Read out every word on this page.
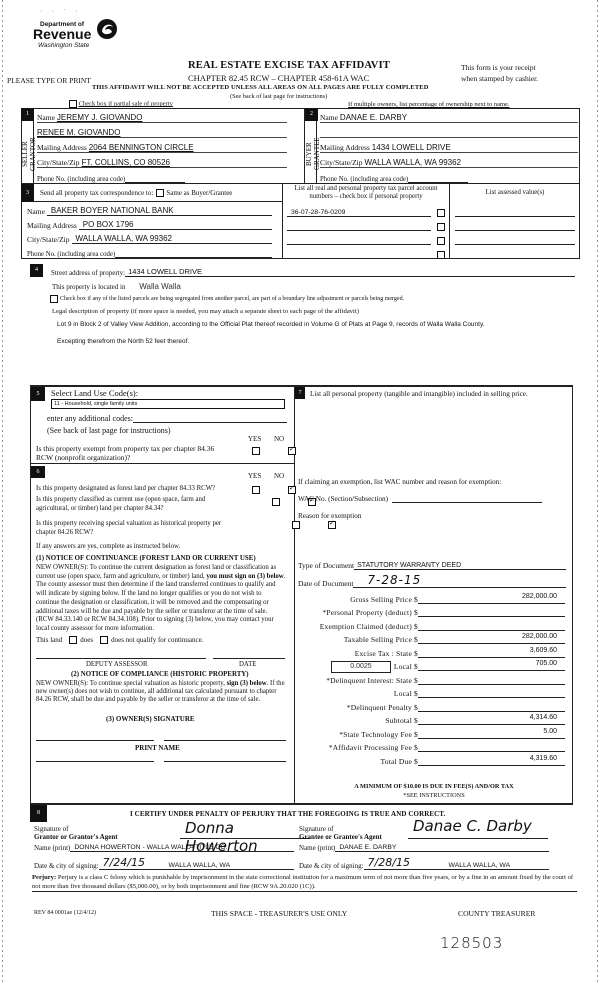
· · ˙ ·
Department of
Revenue
Washington State
PLEASE TYPE OR PRINT
REAL ESTATE EXCISE TAX AFFIDAVIT
CHAPTER 82.45 RCW – CHAPTER 458-61A WAC
This form is your receipt
when stamped by cashier.
THIS AFFIDAVIT WILL NOT BE ACCEPTED UNLESS ALL AREAS ON ALL PAGES ARE FULLY COMPLETED
(See back of last page for instructions)
Check box if partial sale of property	If multiple owners, list percentage of ownership next to name.
1
SELLER
GRANTOR
Name
JEREMY J. GIOVANDO
RENEE M. GIOVANDO
Mailing Address
2064 BENNINGTON CIRCLE
City/State/Zip
FT. COLLINS, CO 80526
Phone No. (including area code)
2
BUYER
GRANTEE
Name
DANAE E. DARBY
Mailing Address
1434 LOWELL DRIVE
City/State/Zip
WALLA WALLA, WA 99362
Phone No. (including area code)
3	Send all property tax correspondence to: Same as Buyer/Grantee
Name
BAKER BOYER NATIONAL BANK
Mailing Address
PO BOX 1796
City/State/Zip
WALLA WALLA, WA 99362
Phone No. (including area code)
List all real and personal property tax parcel account numbers – check box if personal property
36-07-28-76-0209
List assessed value(s)
4	Street address of property: 1434 LOWELL DRIVE
This property is located in Walla Walla
Check box if any of the listed parcels are being segregated from another parcel, are part of a boundary line adjustment or parcels being merged.
Legal description of property (if more space is needed, you may attach a separate sheet to each page of the affidavit)
Lot 9 in Block 2 of Valley View Addition, according to the Official Plat thereof recorded in Volume G of Plats at Page 9, records of Walla Walla County.
Excepting therefrom the North 52 feet thereof.
5	Select Land Use Code(s):
11 - Household, single family units
enter any additional codes:
(See back of last page for instructions)
YES NO
Is this property exempt from property tax per chapter 84.36 RCW (nonprofit organization)?
✓
6	YES NO
Is this property designated as forest land per chapter 84.33 RCW?
✓
Is this property classified as current use (open space, farm and agricultural, or timber) land per chapter 84.34?
✓
Is this property receiving special valuation as historical property per chapter 84.26 RCW?
✓
If any answers are yes, complete as instructed below.
(1) NOTICE OF CONTINUANCE (FOREST LAND OR CURRENT USE)
NEW OWNER(S): To continue the current designation as forest land or classification as current use (open space, farm and agriculture, or timber) land, you must sign on (3) below. The county assessor must then determine if the land transferred continues to qualify and will indicate by signing below. If the land no longer qualifies or you do not wish to continue the designation or classification, it will be removed and the compensating or additional taxes will be due and payable by the seller or transferor at the time of sale. (RCW 84.33.140 or RCW 84.34.108). Prior to signing (3) below, you may contact your local county assessor for more information.
This land	does	does not qualify for continuance.
DEPUTY ASSESSOR	DATE
(2) NOTICE OF COMPLIANCE (HISTORIC PROPERTY)
NEW OWNER(S): To continue special valuation as historic property, sign (3) below. If the new owner(s) does not wish to continue, all additional tax calculated pursuant to chapter 84.26 RCW, shall be due and payable by the seller or transferor at the time of sale.
(3) OWNER(S) SIGNATURE
PRINT NAME
7	List all personal property (tangible and intangible) included in selling price.
If claiming an exemption, list WAC number and reason for exemption:
WAC No. (Section/Subsection)
Reason for exemption
Type of Document STATUTORY WARRANTY DEED
Date of Document	7-28-15
Gross Selling Price $	282,000.00
*Personal Property (deduct) $
Exemption Claimed (deduct) $
Taxable Selling Price $	282,000.00
Excise Tax : State $	3,609.60
Local $	705.00
*Delinquent Interest: State $
Local $
*Delinquent Penalty $
Subtotal $	4,314.60
*State Technology Fee $	5.00
*Affidavit Processing Fee $
Total Due $	4,319.60
0.0025
A MINIMUM OF $10.00 IS DUE IN FEE(S) AND/OR TAX
*SEE INSTRUCTIONS
8	I CERTIFY UNDER PENALTY OF PERJURY THAT THE FOREGOING IS TRUE AND CORRECT.
Signature of
Grantor or Grantor's Agent	Donna Howerton
Name (print) DONNA HOWERTON - WALLA WALLA TITLE CO.
Date & city of signing: 7/24/15	WALLA WALLA, WA
Signature of
Grantee or Grantee's Agent
Danae C. Darby
Name (print) DANAE E. DARBY
Date & city of signing: 7/28/15	WALLA WALLA, WA
Perjury: Perjury is a class C felony which is punishable by imprisonment in the state correctional institution for a maximum term of not more than five years, or by a fine in an amount fixed by the court of not more than five thousand dollars ($5,000.00), or by both imprisonment and fine (RCW 9A.20.020 (1C)).
REV 84 0001ae (12/4/12)	THIS SPACE - TREASURER'S USE ONLY	COUNTY TREASURER
128503
